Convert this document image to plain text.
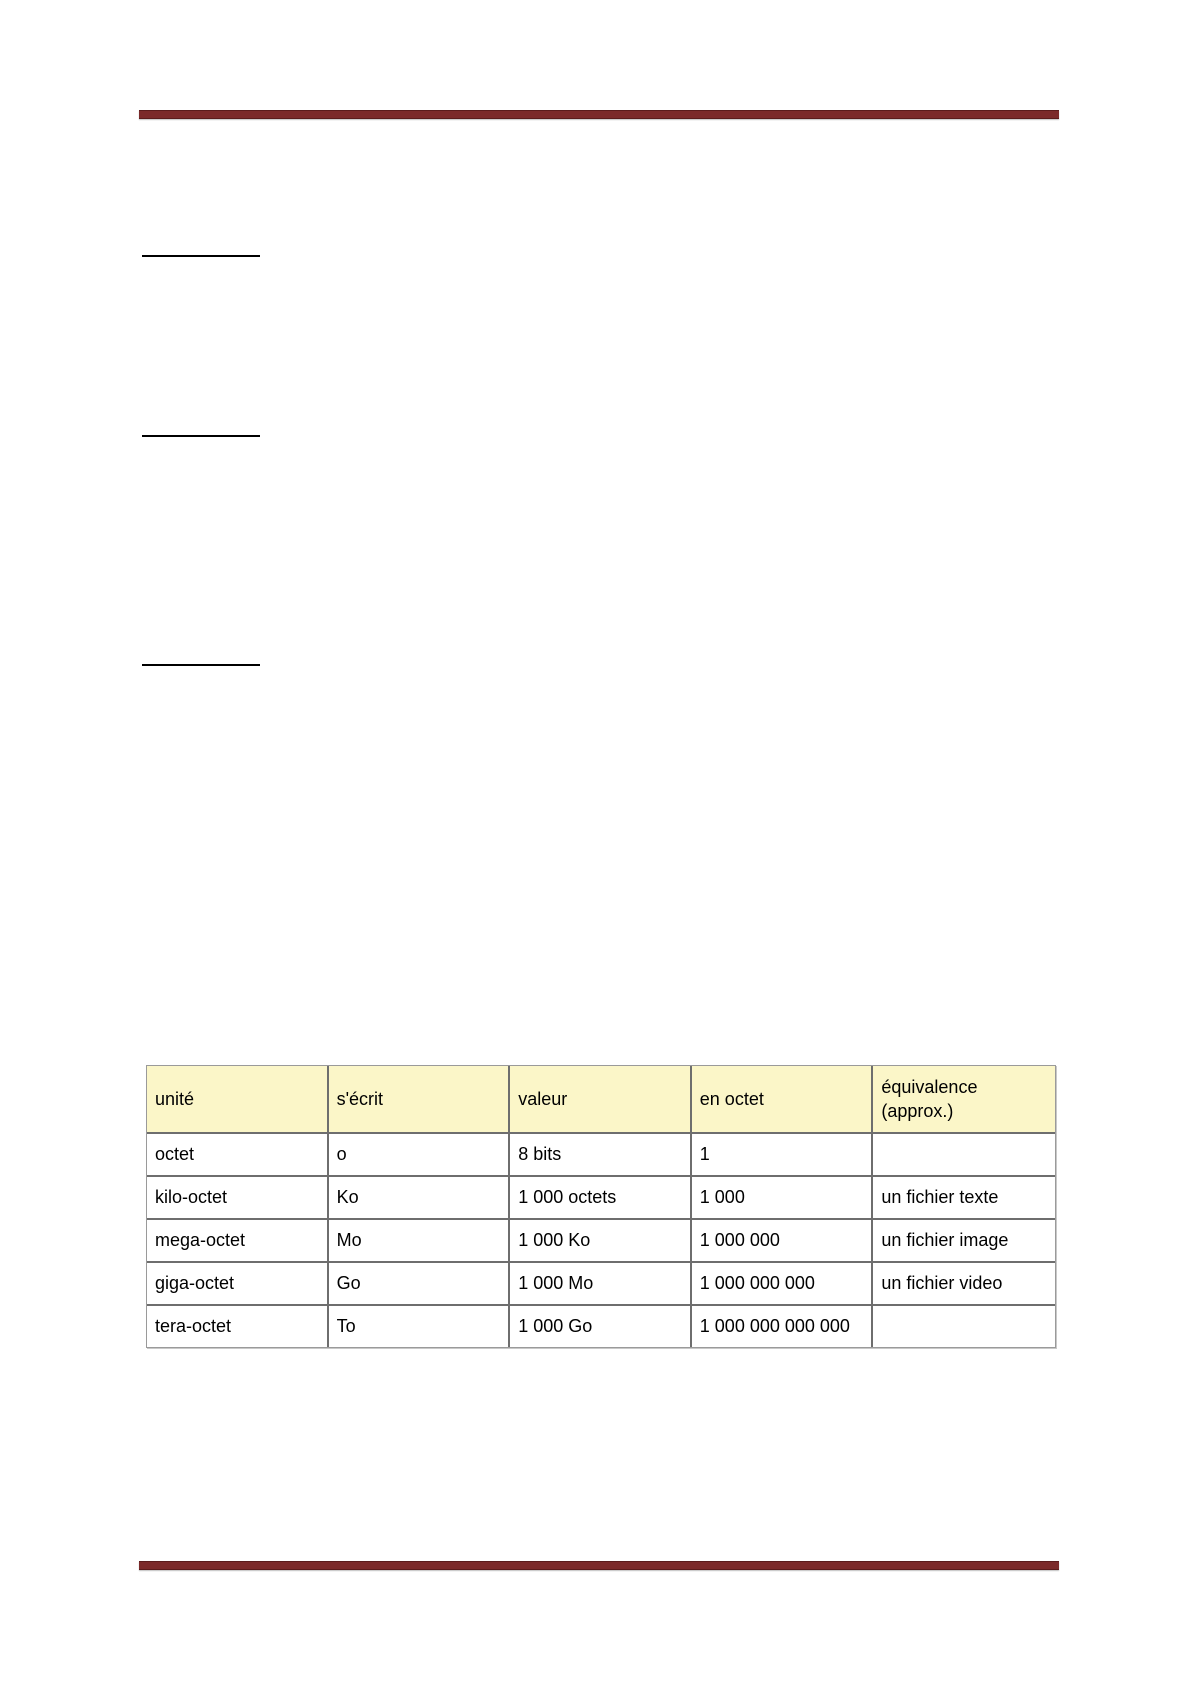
unité	s'écrit	valeur	en octet	équivalence
(approx.)

octet	o	8 bits	1	
kilo-octet	Ko	1 000 octets	1 000	un fichier texte
mega-octet	Mo	1 000 Ko	1 000 000	un fichier image
giga-octet	Go	1 000 Mo	1 000 000 000	un fichier video
tera-octet	To	1 000 Go	1 000 000 000 000	
